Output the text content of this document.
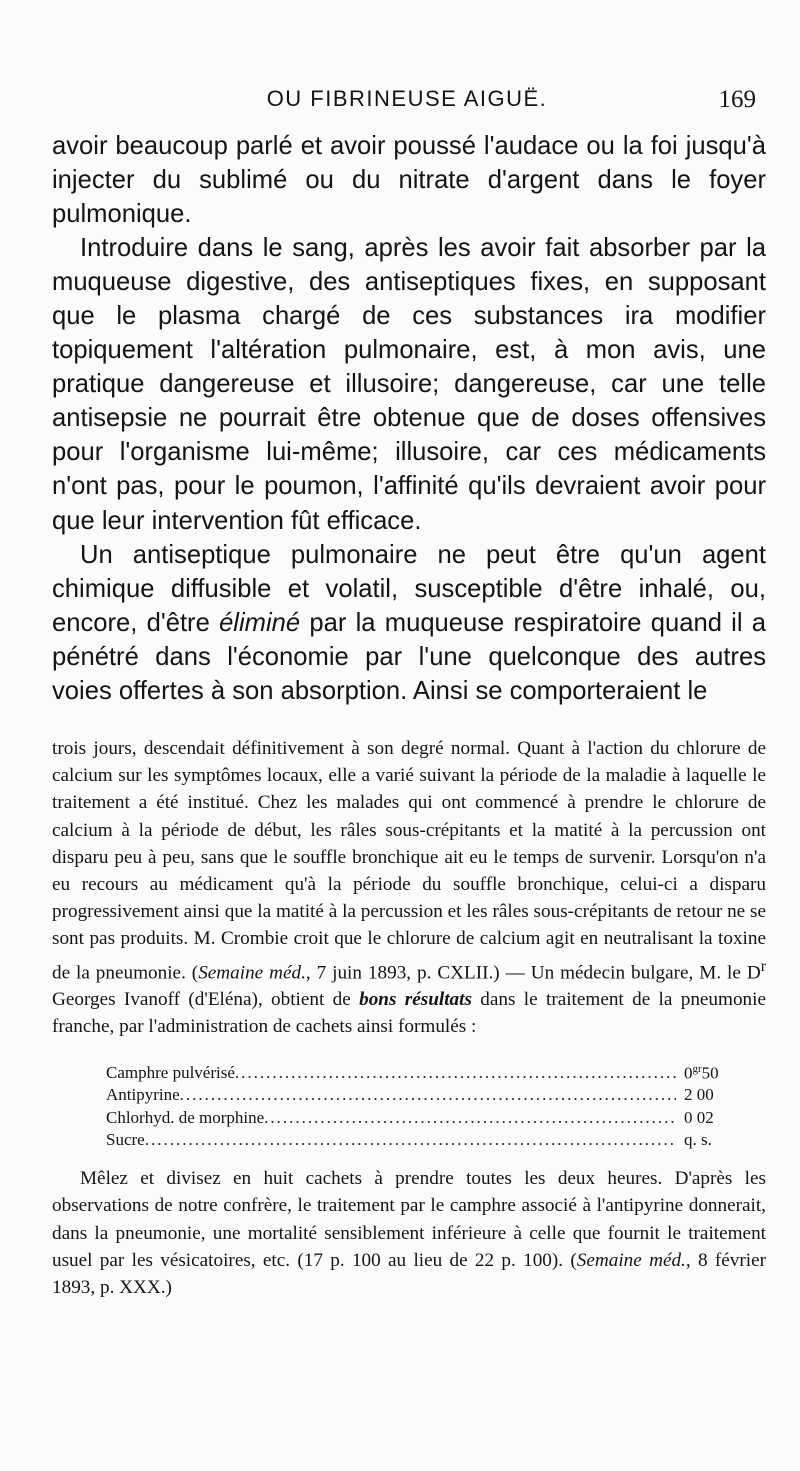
OU FIBRINEUSE AIGUË.	169

avoir beaucoup parlé et avoir poussé l'audace ou la foi jusqu'à injecter du sublimé ou du nitrate d'argent dans le foyer pulmonique.

Introduire dans le sang, après les avoir fait absorber par la muqueuse digestive, des antiseptiques fixes, en supposant que le plasma chargé de ces substances ira modifier topiquement l'altération pulmonaire, est, à mon avis, une pratique dangereuse et illusoire; dangereuse, car une telle antisepsie ne pourrait être obtenue que de doses offensives pour l'organisme lui-même; illusoire, car ces médicaments n'ont pas, pour le poumon, l'affinité qu'ils devraient avoir pour que leur intervention fût efficace.

Un antiseptique pulmonaire ne peut être qu'un agent chimique diffusible et volatil, susceptible d'être inhalé, ou, encore, d'être éliminé par la muqueuse respiratoire quand il a pénétré dans l'économie par l'une quelconque des autres voies offertes à son absorption. Ainsi se comporteraient le

trois jours, descendait définitivement à son degré normal. Quant à l'action du chlorure de calcium sur les symptômes locaux, elle a varié suivant la période de la maladie à laquelle le traitement a été institué. Chez les malades qui ont commencé à prendre le chlorure de calcium à la période de début, les râles sous-crépitants et la matité à la percussion ont disparu peu à peu, sans que le souffle bronchique ait eu le temps de survenir. Lorsqu'on n'a eu recours au médicament qu'à la période du souffle bronchique, celui-ci a disparu progressivement ainsi que la matité à la percussion et les râles sous-crépitants de retour ne se sont pas produits. M. Crombie croit que le chlorure de calcium agit en neutralisant la toxine de la pneumonie. (Semaine méd., 7 juin 1893, p. CXLII.) — Un médecin bulgare, M. le $D^r$ Georges Ivanoff (d'Eléna), obtient de bons résultats dans le traitement de la pneumonie franche, par l'administration de cachets ainsi formulés :

Camphre pulvérisé .....	$0^{gr}50$
Antipyrine .....	2 00
Chlorhyd. de morphine .....	0 02
Sucre .....	q. s.

Mêlez et divisez en huit cachets à prendre toutes les deux heures. D'après les observations de notre confrère, le traitement par le camphre associé à l'antipyrine donnerait, dans la pneumonie, une mortalité sensiblement inférieure à celle que fournit le traitement usuel par les vésicatoires, etc. (17 p. 100 au lieu de 22 p. 100). (Semaine méd., 8 février 1893, p. XXX.)
